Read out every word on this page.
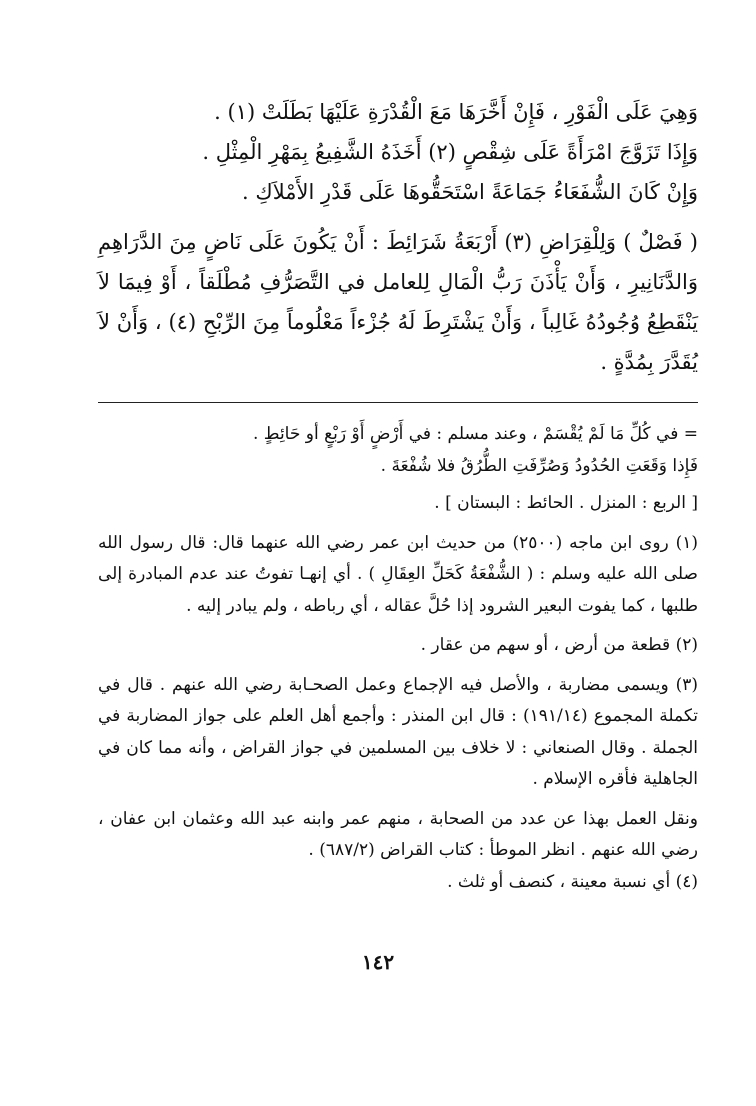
وَهِيَ عَلَى الْفَوْرِ ، فَإِنْ أَخَّرَهَا مَعَ الْقُدْرَةِ عَلَيْهَا بَطَلَتْ (١) .

وَإِذَا تَزَوَّجَ امْرَأَةً عَلَى شِقْصٍ (٢) أَخَذَهُ الشَّفِيعُ بِمَهْرِ الْمِثْلِ .

وَإِنْ كَانَ الشُّفَعَاءُ جَمَاعَةً اسْتَحَقُّوهَا عَلَى قَدْرِ الأَمْلاَكِ .

( فَصْلٌ ) وَلِلْقِرَاضِ (٣) أَرْبَعَةُ شَرَائِطَ : أَنْ يَكُونَ عَلَى نَاضٍ مِنَ الدَّرَاهِمِ وَالدَّنَانِيرِ ، وَأَنْ يَأْذَنَ رَبُّ الْمَالِ لِلعامل في التَّصَرُّفِ مُطْلَقاً ، أَوْ فِيمَا لاَ يَنْقَطِعُ وُجُودُهُ غَالِباً ، وَأَنْ يَشْتَرِطَ لَهُ جُزْءاً مَعْلُوماً مِنَ الرِّبْحِ (٤) ، وَأَنْ لاَ يُقَدَّرَ بِمُدَّةٍ .

= في كُلِّ مَا لَمْ يُقْسَمْ ، وعند مسلم : في أَرْضٍ أَوْ رَبْعٍ أو حَائِطٍ .

فَإِذا وَقَعَتِ الحُدُودُ وَصُرِّفَتِ الطُّرُقُ فلا شُفْعَةَ .

[ الربع : المنزل . الحائط : البستان ] .

(١) روى ابن ماجه (٢٥٠٠) من حديث ابن عمر رضي الله عنهما قال: قال رسول الله صلى الله عليه وسلم : ( الشُّفْعَةُ كَحَلِّ العِقَالِ ) . أي إنهـا تفوتُ عند عدم المبادرة إلى طلبها ، كما يفوت البعير الشرود إذا حُلَّ عقاله ، أي رباطه ، ولم يبادر إليه .

(٢) قطعة من أرض ، أو سهم من عقار .

(٣) ويسمى مضاربة ، والأصل فيه الإجماع وعمل الصحـابة رضي الله عنهم . قال في تكملة المجموع (١٩١/١٤) : قال ابن المنذر : وأجمع أهل العلم على جواز المضاربة في الجملة . وقال الصنعاني : لا خلاف بين المسلمين في جواز القراض ، وأنه مما كان في الجاهلية فأقره الإسلام .

ونقل العمل بهذا عن عدد من الصحابة ، منهم عمر وابنه عبد الله وعثمان ابن عفان ، رضي الله عنهم . انظر الموطأ : كتاب القراض (٦٨٧/٢) .

(٤) أي نسبة معينة ، كنصف أو ثلث .

١٤٢
